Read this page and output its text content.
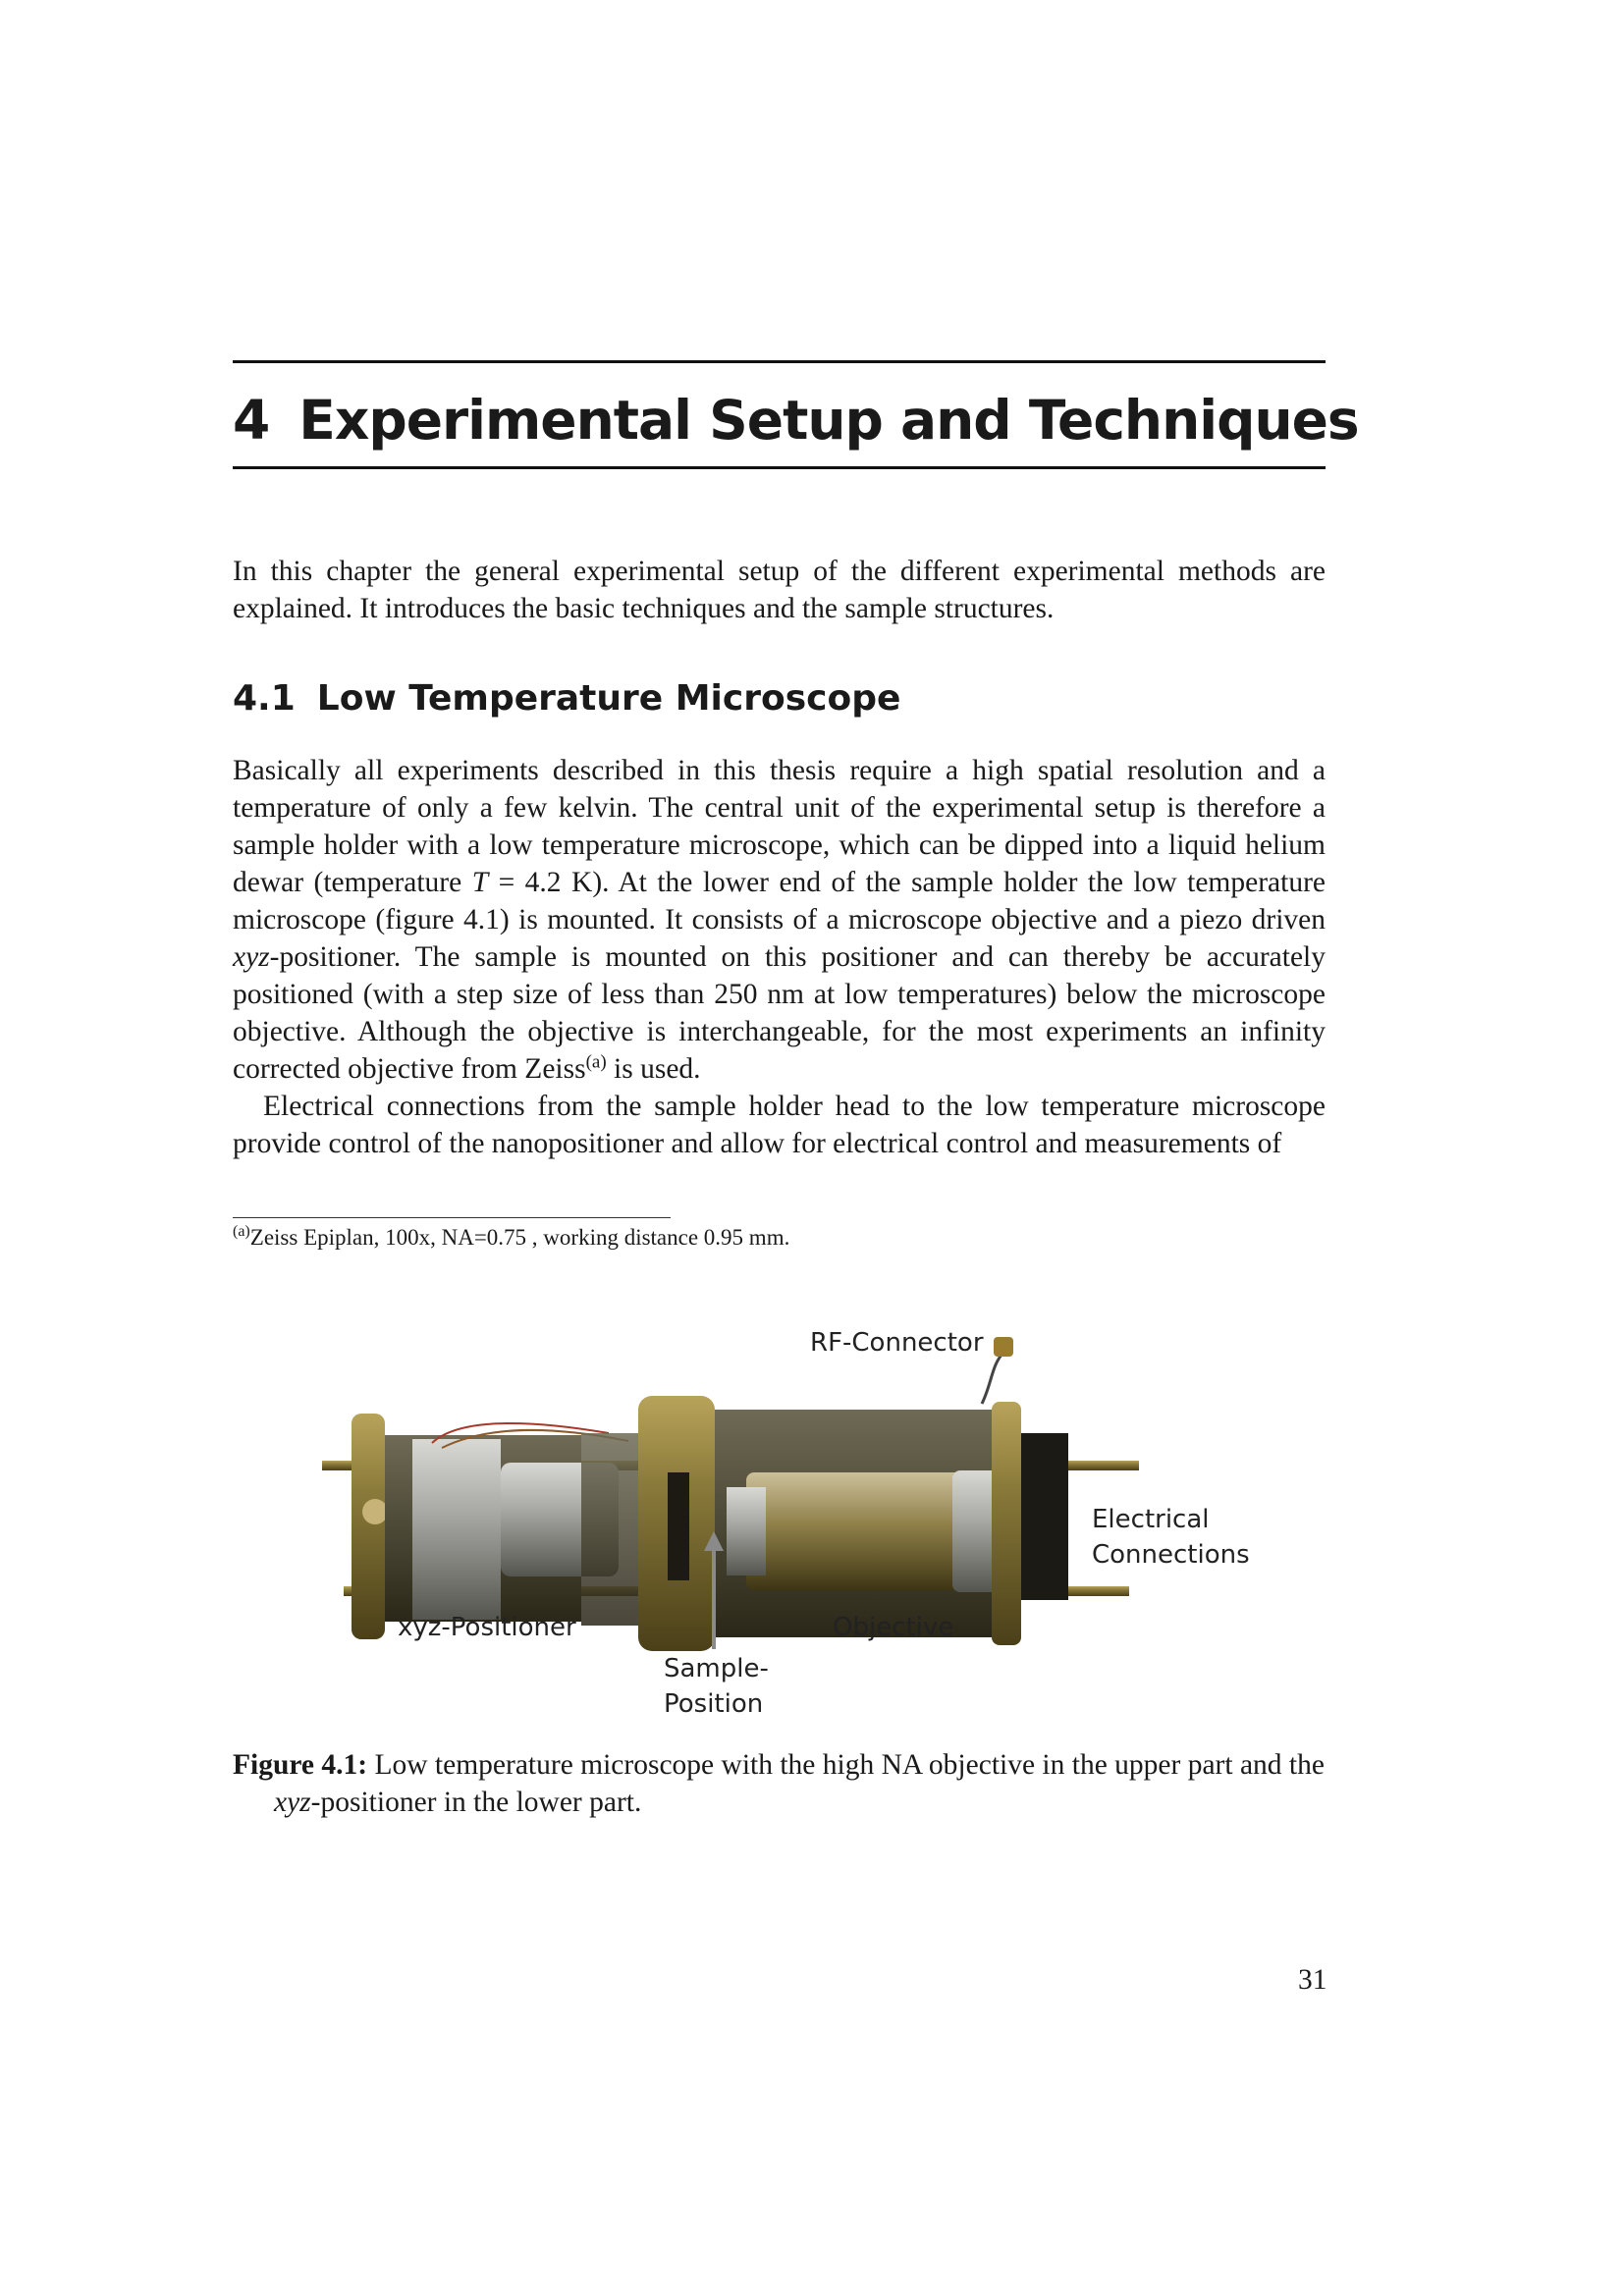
4 Experimental Setup and Techniques

In this chapter the general experimental setup of the different experimental methods are explained. It introduces the basic techniques and the sample structures.

4.1 Low Temperature Microscope

Basically all experiments described in this thesis require a high spatial resolution and a temperature of only a few kelvin. The central unit of the experimental setup is therefore a sample holder with a low temperature microscope, which can be dipped into a liquid helium dewar (temperature T = 4.2 K). At the lower end of the sample holder the low temperature microscope (figure 4.1) is mounted. It consists of a microscope objective and a piezo driven xyz-positioner. The sample is mounted on this positioner and can thereby be accurately positioned (with a step size of less than 250 nm at low temperatures) below the microscope objective. Although the objective is interchangeable, for the most experiments an infinity corrected objective from Zeiss$^{(a)}$ is used.

Electrical connections from the sample holder head to the low temperature microscope provide control of the nanopositioner and allow for electrical control and measurements of

$^{(a)}$Zeiss Epiplan, 100x, NA=0.75 , working distance 0.95 mm.
RF-Connector
Electrical
Connections
xyz-Positioner	Objective
Sample-
Position
Figure 4.1: Low temperature microscope with the high NA objective in the upper part and the xyz-positioner in the lower part.
31
